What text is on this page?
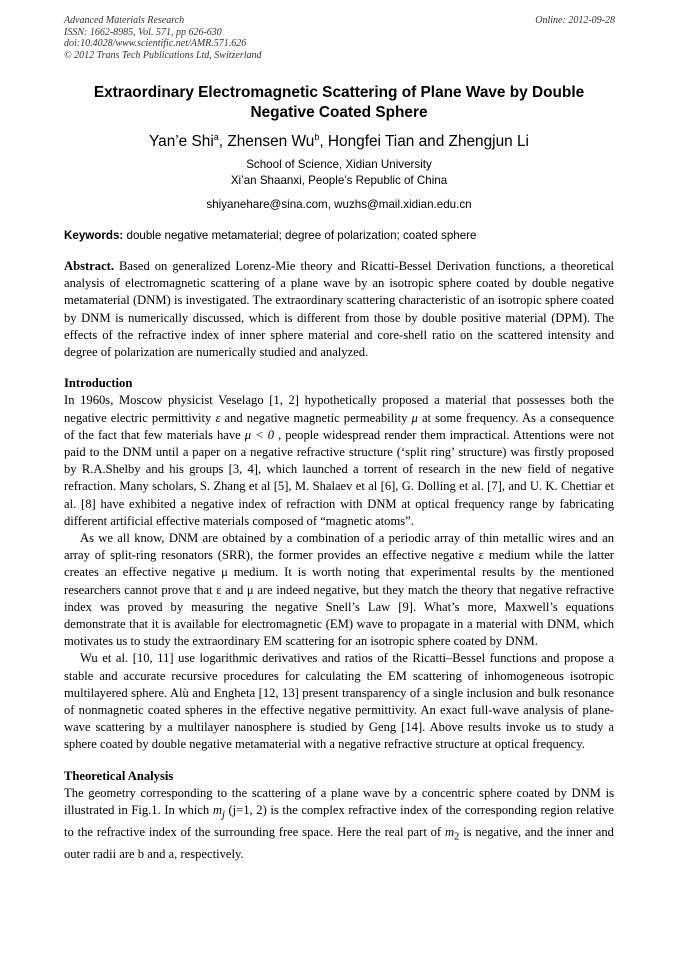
Advanced Materials Research
ISSN: 1662-8985, Vol. 571, pp 626-630
doi:10.4028/www.scientific.net/AMR.571.626
© 2012 Trans Tech Publications Ltd, Switzerland
Online: 2012-09-28
Extraordinary Electromagnetic Scattering of Plane Wave by Double Negative Coated Sphere
Yan’e Shi$^a$, Zhensen Wu$^b$, Hongfei Tian and Zhengjun Li
School of Science, Xidian University
Xi’an Shaanxi, People’s Republic of China
shiyanehare@sina.com, wuzhs@mail.xidian.edu.cn
Keywords: double negative metamaterial; degree of polarization; coated sphere

Abstract. Based on generalized Lorenz-Mie theory and Ricatti-Bessel Derivation functions, a theoretical analysis of electromagnetic scattering of a plane wave by an isotropic sphere coated by double negative metamaterial (DNM) is investigated. The extraordinary scattering characteristic of an isotropic sphere coated by DNM is numerically discussed, which is different from those by double positive material (DPM). The effects of the refractive index of inner sphere material and core-shell ratio on the scattered intensity and degree of polarization are numerically studied and analyzed.

Introduction

In 1960s, Moscow physicist Veselago [1, 2] hypothetically proposed a material that possesses both the negative electric permittivity ε and negative magnetic permeability μ at some frequency. As a consequence of the fact that few materials have μ < 0 , people widespread render them impractical. Attentions were not paid to the DNM until a paper on a negative refractive structure (‘split ring’ structure) was firstly proposed by R.A.Shelby and his groups [3, 4], which launched a torrent of research in the new field of negative refraction. Many scholars, S. Zhang et al [5], M. Shalaev et al [6], G. Dolling et al. [7], and U. K. Chettiar et al. [8] have exhibited a negative index of refraction with DNM at optical frequency range by fabricating different artificial effective materials composed of “magnetic atoms”.

As we all know, DNM are obtained by a combination of a periodic array of thin metallic wires and an array of split-ring resonators (SRR), the former provides an effective negative ε medium while the latter creates an effective negative μ medium. It is worth noting that experimental results by the mentioned researchers cannot prove that ε and μ are indeed negative, but they match the theory that negative refractive index was proved by measuring the negative Snell’s Law [9]. What’s more, Maxwell’s equations demonstrate that it is available for electromagnetic (EM) wave to propagate in a material with DNM, which motivates us to study the extraordinary EM scattering for an isotropic sphere coated by DNM.

Wu et al. [10, 11] use logarithmic derivatives and ratios of the Ricatti–Bessel functions and propose a stable and accurate recursive procedures for calculating the EM scattering of inhomogeneous isotropic multilayered sphere. Alù and Engheta [12, 13] present transparency of a single inclusion and bulk resonance of nonmagnetic coated spheres in the effective negative permittivity. An exact full-wave analysis of plane-wave scattering by a multilayer nanosphere is studied by Geng [14]. Above results invoke us to study a sphere coated by double negative metamaterial with a negative refractive structure at optical frequency.

Theoretical Analysis

The geometry corresponding to the scattering of a plane wave by a concentric sphere coated by DNM is illustrated in Fig.1. In which $m_j$ (j=1, 2) is the complex refractive index of the corresponding region relative to the refractive index of the surrounding free space. Here the real part of $m_2$ is negative, and the inner and outer radii are b and a, respectively.
